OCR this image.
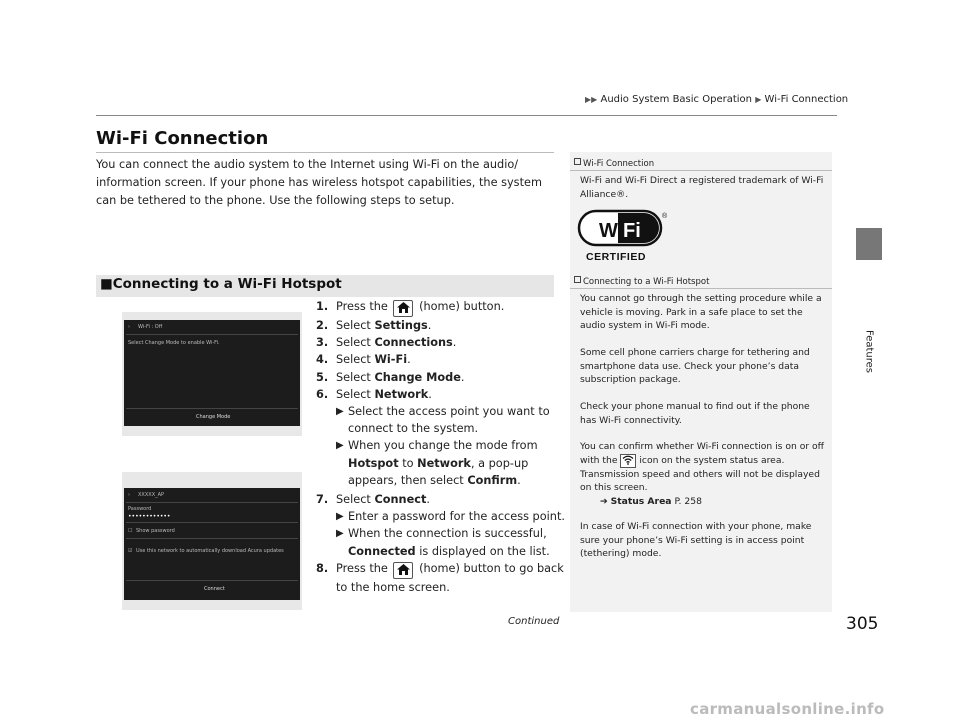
▶▶ Audio System Basic Operation ▶ Wi-Fi Connection
Features
Wi-Fi Connection
You can connect the audio system to the Internet using Wi-Fi on the audio/ information screen. If your phone has wireless hotspot capabilities, the system can be tethered to the phone. Use the following steps to setup.
■Connecting to a Wi-Fi Hotspot
› Wi-Fi : Off
Select Change Mode to enable Wi-Fi.
Change Mode
› XXXXX_AP
Password
••••••••••••
☐ Show password
☑ Use this network to automatically download Acura updates
Connect
1. Press the	(home) button.
2. Select Settings.
3. Select Connections.
4. Select Wi-Fi.
5. Select Change Mode.
6. Select Network.
▶ Select the access point you want to connect to the system.
▶ When you change the mode from Hotspot to Network, a pop-up appears, then select Confirm.
7. Select Connect.
▶ Enter a password for the access point.
▶ When the connection is successful, Connected is displayed on the list.
8. Press the	(home) button to go back to the home screen.
Wi-Fi Connection
Wi-Fi and Wi-Fi Direct a registered trademark of Wi-Fi Alliance®.
Connecting to a Wi-Fi Hotspot
You cannot go through the setting procedure while a vehicle is moving. Park in a safe place to set the audio system in Wi-Fi mode.
Some cell phone carriers charge for tethering and smartphone data use. Check your phone’s data subscription package.
Check your phone manual to find out if the phone has Wi-Fi connectivity.
You can confirm whether Wi-Fi connection is on or off with the icon on the system status area. Transmission speed and others will not be displayed on this screen.
➔ Status Area P. 258
In case of Wi-Fi connection with your phone, make sure your phone’s Wi-Fi setting is in access point (tethering) mode.
Wi Fi
®
CERTIFIED
Continued	305
carmanualsonline.info
